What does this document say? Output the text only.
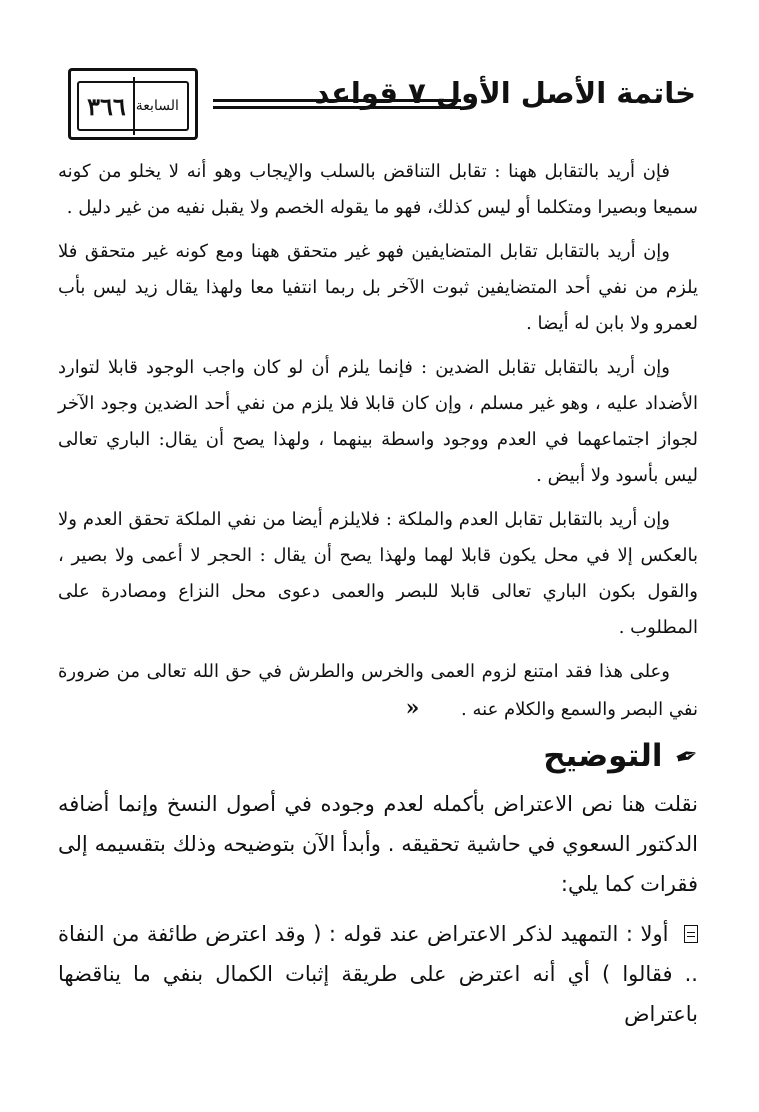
السابعة
٣٦٦	خاتمة الأصل الأول ٧ قواعد

فإن أريد بالتقابل ههنا : تقابل التناقض بالسلب والإيجاب وهو أنه لا يخلو من كونه سميعا وبصيرا ومتكلما أو ليس كذلك، فهو ما يقوله الخصم ولا يقبل نفيه من غير دليل .

وإن أريد بالتقابل تقابل المتضايفين فهو غير متحقق ههنا ومع كونه غير متحقق فلا يلزم من نفي أحد المتضايفين ثبوت الآخر بل ربما انتفيا معا ولهذا يقال زيد ليس بأب لعمرو ولا بابن له أيضا .

وإن أريد بالتقابل تقابل الضدين : فإنما يلزم أن لو كان واجب الوجود قابلا لتوارد الأضداد عليه ، وهو غير مسلم ، وإن كان قابلا فلا يلزم من نفي أحد الضدين وجود الآخر لجواز اجتماعهما في العدم ووجود واسطة بينهما ، ولهذا يصح أن يقال: الباري تعالى ليس بأسود ولا أبيض .

وإن أريد بالتقابل تقابل العدم والملكة : فلايلزم أيضا من نفي الملكة تحقق العدم ولا بالعكس إلا في محل يكون قابلا لهما ولهذا يصح أن يقال : الحجر لا أعمى ولا بصير ، والقول بكون الباري تعالى قابلا للبصر والعمى دعوى محل النزاع ومصادرة على المطلوب .

وعلى هذا فقد امتنع لزوم العمى والخرس والطرش في حق الله تعالى من ضرورة نفي البصر والسمع والكلام عنه . «

✒
التوضيح

نقلت هنا نص الاعتراض بأكمله لعدم وجوده في أصول النسخ وإنما أضافه الدكتور السعوي في حاشية تحقيقه . وأبدأ الآن بتوضيحه وذلك بتقسيمه إلى فقرات كما يلي:

أولا : التمهيد لذكر الاعتراض عند قوله : ( وقد اعترض طائفة من النفاة .. فقالوا ) أي أنه اعترض على طريقة إثبات الكمال بنفي ما يناقضها باعتراض
